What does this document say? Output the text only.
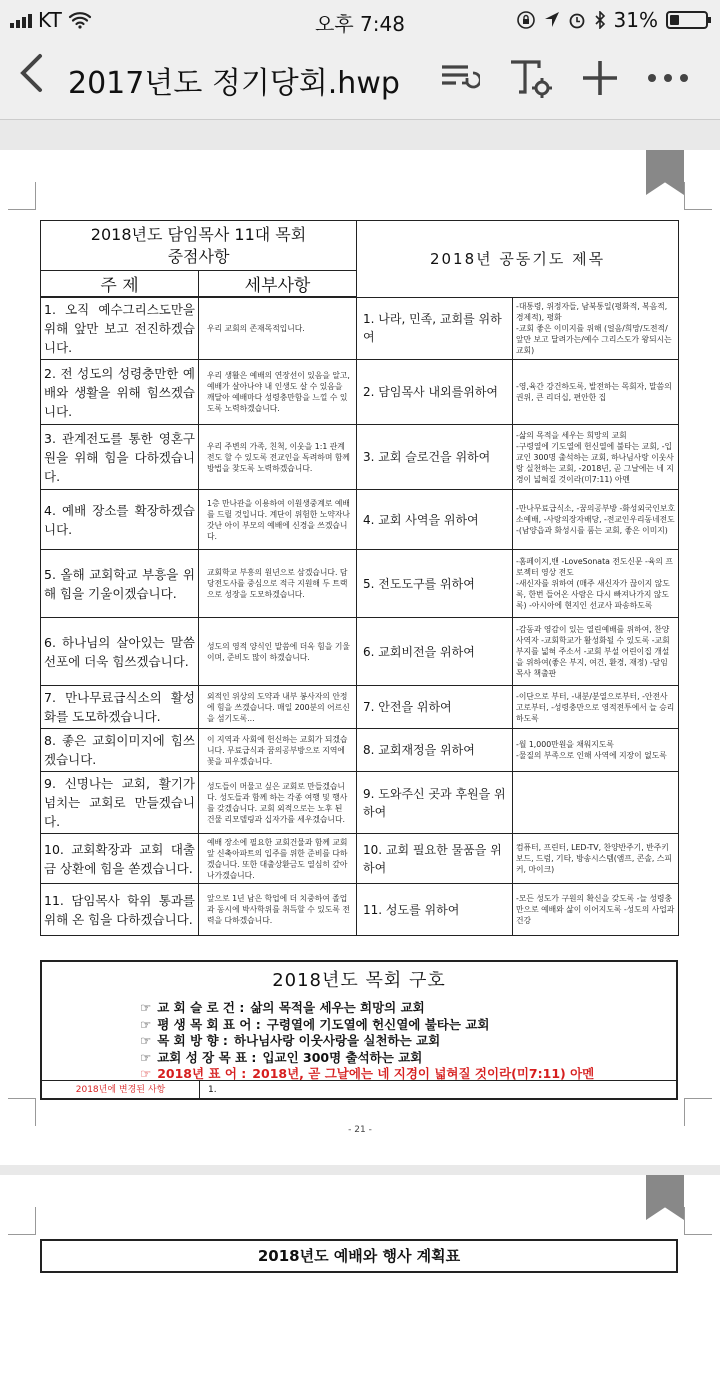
KT	오후 7:48	31%
2017년도 정기당회.hwp
2018년도 담임목사 11대 목회
중점사항		2018년 공동기도 제목	
주 제	세부사항		
1. 오직 예수그리스도만을 위해 앞만 보고 전진하겠습니다.	우리 교회의 존재목적입니다.	1. 나라, 민족, 교회를 위하여	-대통령, 위정자들, 남북통일(평화적, 복음적, 경제적), 평화
-교회 좋은 이미지를 위해 (얼음/희망/도전적/앞만 보고 달려가는/예수 그리스도가 왕되시는 교회)
2. 전 성도의 성령충만한 예배와 생활을 위해 힘쓰겠습니다.	우리 생활은 예배의 연장선이 있음을 알고, 예배가 살아나야 내 인생도 살 수 있음을 깨달아 예배마다 성령충만함을 느낄 수 있도록 노력하겠습니다.	2. 담임목사 내외를위하여	-영,육간 강건하도록, 발전하는 목회자, 말씀의 권위, 큰 리더십, 편안한 집
3. 관계전도를 통한 영혼구원을 위해 힘을 다하겠습니다.	우리 주변의 가족, 친척, 이웃을 1:1 관계전도 할 수 있도록 전교인을 독려하며 함께 방법을 찾도록 노력하겠습니다.	3. 교회 슬로건을 위하여	-삶의 목적을 세우는 희망의 교회
-구령열에 기도열에 헌신열에 불타는 교회, -입교인 300명 출석하는 교회, 하나님사랑 이웃사랑 실천하는 교회, -2018년, 곧 그날에는 네 지경이 넓혀질 것이라(미7:11) 아멘
4. 예배 장소를 확장하겠습니다.	1층 만나관을 이용하여 이원생중계로 예배를 드릴 것입니다. 계단이 위험한 노약자나 갓난 아이 부모의 예배에 신경을 쓰겠습니다.	4. 교회 사역을 위하여	-만나무료급식소, -꿈의공부방 -화성외국인보호소예배, -사랑의장자배당, -전교인우리동네전도
-(남양읍과 화성시를 품는 교회, 좋은 이미지)
5. 올해 교회학교 부흥을 위해 힘을 기울이겠습니다.	교회학교 부흥의 원년으로 삼겠습니다. 담당전도사를 중심으로 적극 지원해 두 트랙으로 성장을 도모하겠습니다.	5. 전도도구를 위하여	-홈페이지,밴 -LoveSonata 전도신문 -육의 프로젝터 영상 전도
-새신자를 위하여 (매주 새신자가 끊이지 않도록, 한번 들어온 사람은 다시 빠져나가지 않도록) -아시아에 현지인 선교사 파송하도록
6. 하나님의 살아있는 말씀선포에 더욱 힘쓰겠습니다.	성도의 영적 양식인 말씀에 더욱 힘을 기울이며, 준비도 많이 하겠습니다.	6. 교회비전을 위하여	-감동과 영감이 있는 열린예배를 위하여, 찬양사역자 -교회학교가 활성화될 수 있도록 -교회부지를 넓혀 주소서 -교회 부설 어린이집 개설을 위하여(좋은 부지, 여건, 환경, 재정) -담임목사 책출판
7. 만나무료급식소의 활성화를 도모하겠습니다.	외적인 위상의 도약과 내부 봉사자의 안정에 힘을 쓰겠습니다. 매일 200분의 어르신을 섬기도록...	7. 안전을 위하여	-이단으로 부터, -내분/분열으로부터, -안전사고로부터, -성령충만으로 영적전투에서 늘 승리하도록
8. 좋은 교회이미지에 힘쓰겠습니다.	이 지역과 사회에 헌신하는 교회가 되겠습니다. 무료급식과 꿈의공부방으로 지역에 꽃을 피우겠습니다.	8. 교회재정을 위하여	-월 1,000만원을 채워지도록
-물질의 부족으로 인해 사역에 지장이 없도록
9. 신명나는 교회, 활기가 넘치는 교회로 만들겠습니다.	성도들이 머물고 싶은 교회로 만들겠습니다. 성도들과 함께 하는 각종 여행 및 행사를 갖겠습니다. 교회 외적으로는 노후 된 건물 리모델링과 십자가를 세우겠습니다.	9. 도와주신 곳과 후원을 위하여	
10. 교회확장과 교회 대출금 상환에 힘을 쏟겠습니다.	예배 장소에 필요한 교회건물과 함께 교회 앞 신축아파트의 입주를 위한 준비를 다하겠습니다. 또한 대출상환금도 열심히 갚아나가겠습니다.	10. 교회 필요한 물품을 위하여	컴퓨터, 프린터, LED-TV, 찬양반주기, 반주키보드, 드럼, 기타, 방송시스템(앰프, 콘솔, 스피커, 마이크)
11. 담임목사 학위 통과를 위해 온 힘을 다하겠습니다.	앞으로 1년 남은 학업에 더 치중하여 졸업과 동시에 박사학위를 취득할 수 있도록 전력을 다하겠습니다.	11. 성도를 위하여	-모든 성도가 구원의 확신을 갖도록 -늘 성령충만으로 예배와 삶이 이어지도록 -성도의 사업과 건강
2018년도 목회 구호
☞ 교 회 슬 로 건 : 삶의 목적을 세우는 희망의 교회
☞ 평 생 목 회 표 어 : 구령열에 기도열에 헌신열에 불타는 교회
☞ 목 회 방 향 : 하나님사랑 이웃사랑을 실천하는 교회
☞ 교회 성 장 목 표 : 입교인 300명 출석하는 교회
☞ 2018년 표 어 : 2018년, 곧 그날에는 네 지경이 넓혀질 것이라(미7:11) 아멘
2018년에 변경된 사항	1.
- 21 -
2018년도 예배와 행사 계획표
